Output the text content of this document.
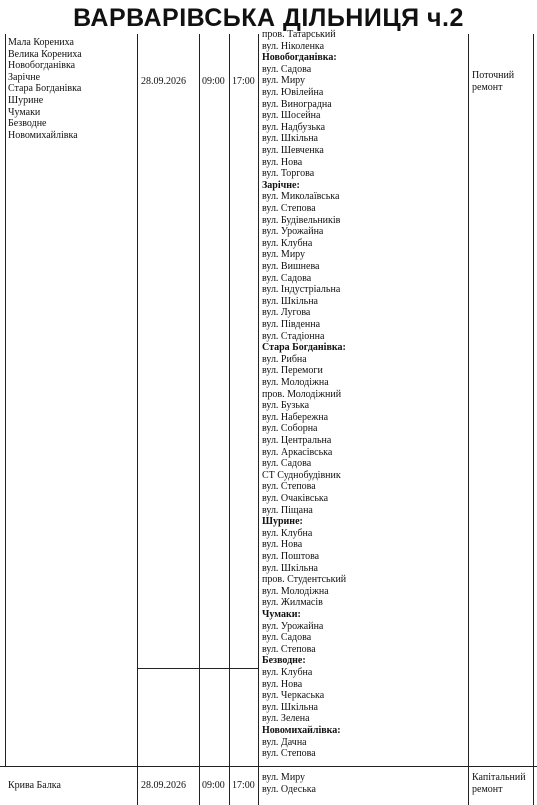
ВАРВАРІВСЬКА ДІЛЬНИЦЯ ч.2
Мала Корениха
Велика Корениха
Новобогданівка
Зарічне
Стара Богданівка
Шурине
Чумаки
Безводне
Новомихайлівка
28.09.2026 09:00 17:00
Поточний ремонт
пров. Татарський
вул. Ніколенка
Новобогданівка:
вул. Садова
вул. Миру
вул. Ювілейна
вул. Виноградна
вул. Шосейна
вул. Надбузька
вул. Шкільна
вул. Шевченка
вул. Нова
вул. Торгова
Зарічне:
вул. Миколаївська
вул. Степова
вул. Будівельників
вул. Урожайна
вул. Клубна
вул. Миру
вул. Вишнева
вул. Садова
вул. Індустріальна
вул. Шкільна
вул. Лугова
вул. Південна
вул. Стадіонна
Стара Богданівка:
вул. Рибна
вул. Перемоги
вул. Молодіжна
пров. Молодіжний
вул. Бузька
вул. Набережна
вул. Соборна
вул. Центральна
вул. Аркасівська
вул. Садова
СТ Суднобудівник
вул. Степова
вул. Очаківська
вул. Піщана
Шурине:
вул. Клубна
вул. Нова
вул. Поштова
вул. Шкільна
пров. Студентський
вул. Молодіжна
вул. Жилмасів
Чумаки:
вул. Урожайна
вул. Садова
вул. Степова
Безводне:
вул. Клубна
вул. Нова
вул. Черкаська
вул. Шкільна
вул. Зелена
Новомихайлівка:
вул. Дачна
вул. Степова
Крива Балка	28.09.2026 09:00 17:00
Капітальний ремонт
вул. Миру
вул. Одеська
